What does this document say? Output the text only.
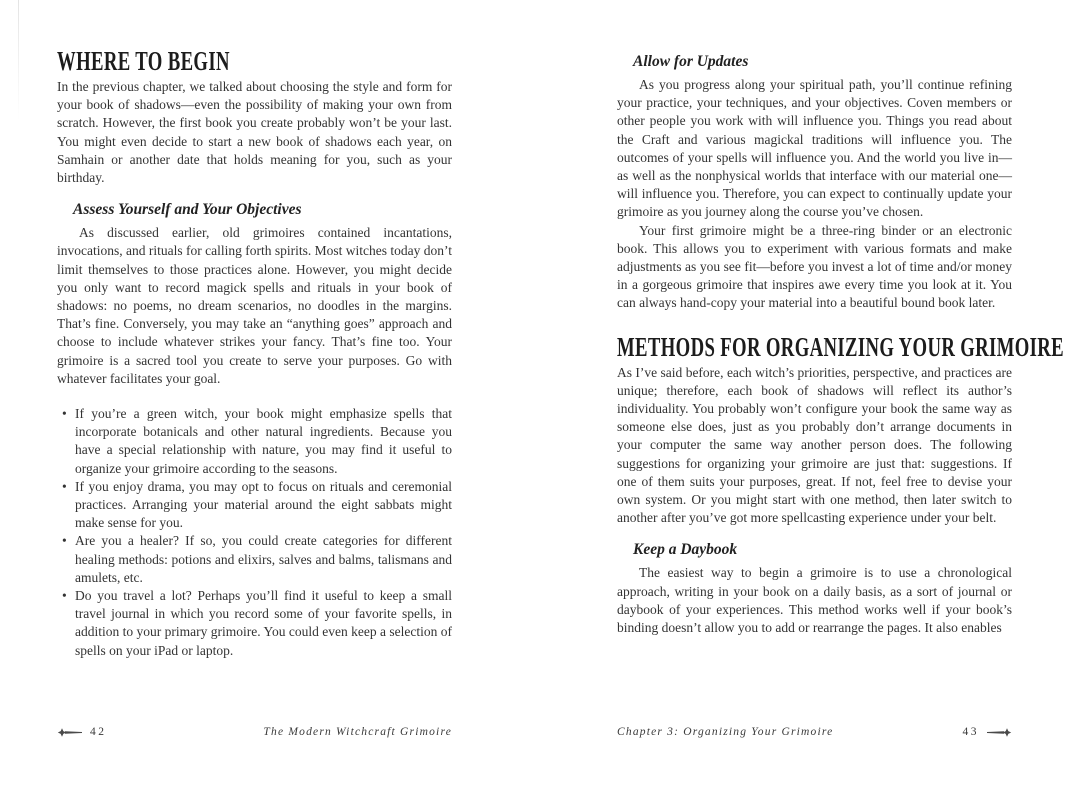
WHERE TO BEGIN

In the previous chapter, we talked about choosing the style and form for your book of shadows—even the possibility of making your own from scratch. However, the first book you create probably won’t be your last. You might even decide to start a new book of shadows each year, on Samhain or another date that holds meaning for you, such as your birthday.

Assess Yourself and Your Objectives

As discussed earlier, old grimoires contained incantations, invocations, and rituals for calling forth spirits. Most witches today don’t limit themselves to those practices alone. However, you might decide you only want to record magick spells and rituals in your book of shadows: no poems, no dream scenarios, no doodles in the margins. That’s fine. Conversely, you may take an “anything goes” approach and choose to include whatever strikes your fancy. That’s fine too. Your grimoire is a sacred tool you create to serve your purposes. Go with whatever facilitates your goal.

• If you’re a green witch, your book might emphasize spells that incorporate botanicals and other natural ingredients. Because you have a special relationship with nature, you may find it useful to organize your grimoire according to the seasons.
• If you enjoy drama, you may opt to focus on rituals and ceremonial practices. Arranging your material around the eight sabbats might make sense for you.
• Are you a healer? If so, you could create categories for different healing methods: potions and elixirs, salves and balms, talismans and amulets, etc.
• Do you travel a lot? Perhaps you’ll find it useful to keep a small travel journal in which you record some of your favorite spells, in addition to your primary grimoire. You could even keep a selection of spells on your iPad or laptop.
Allow for Updates

As you progress along your spiritual path, you’ll continue refining your practice, your techniques, and your objectives. Coven members or other people you work with will influence you. Things you read about the Craft and various magickal traditions will influence you. The outcomes of your spells will influence you. And the world you live in—as well as the nonphysical worlds that interface with our material one—will influence you. Therefore, you can expect to continually update your grimoire as you journey along the course you’ve chosen.

Your first grimoire might be a three-ring binder or an electronic book. This allows you to experiment with various formats and make adjustments as you see fit—before you invest a lot of time and/or money in a gorgeous grimoire that inspires awe every time you look at it. You can always hand-copy your material into a beautiful bound book later.

METHODS FOR ORGANIZING YOUR GRIMOIRE

As I’ve said before, each witch’s priorities, perspective, and practices are unique; therefore, each book of shadows will reflect its author’s individuality. You probably won’t configure your book the same way as someone else does, just as you probably don’t arrange documents in your computer the same way another person does. The following suggestions for organizing your grimoire are just that: suggestions. If one of them suits your purposes, great. If not, feel free to devise your own system. Or you might start with one method, then later switch to another after you’ve got more spellcasting experience under your belt.

Keep a Daybook

The easiest way to begin a grimoire is to use a chronological approach, writing in your book on a daily basis, as a sort of journal or daybook of your experiences. This method works well if your book’s binding doesn’t allow you to add or rearrange the pages. It also enables

42	The Modern Witchcraft Grimoire	Chapter 3: Organizing Your Grimoire	43
